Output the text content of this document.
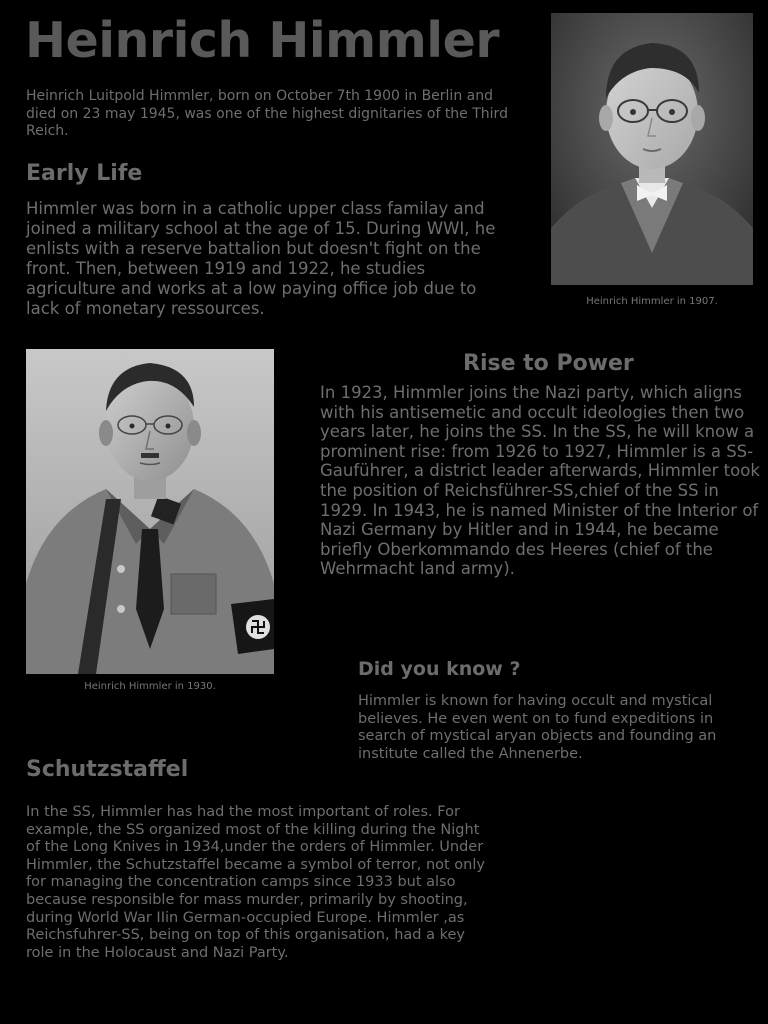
Heinrich Himmler

Heinrich Luitpold Himmler, born on October 7th 1900 in Berlin and died on 23 may 1945, was one of the highest dignitaries of the Third Reich.

Early Life

Himmler was born in a catholic upper class familay and joined a military school at the age of 15. During WWI, he enlists with a reserve battalion but doesn't fight on the front. Then, between 1919 and 1922, he studies agriculture and works at a low paying office job due to lack of monetary ressources.	Heinrich Himmler in 1907.
Heinrich Himmler in 1930.
Rise to Power

In 1923, Himmler joins the Nazi party, which aligns with his antisemetic and occult ideologies then two years later, he joins the SS. In the SS, he will know a prominent rise: from 1926 to 1927, Himmler is a SS-Gauführer, a district leader afterwards, Himmler took the position of Reichsführer-SS,chief of the SS in 1929. In 1943, he is named Minister of the Interior of Nazi Germany by Hitler and in 1944, he became briefly Oberkommando des Heeres (chief of the Wehrmacht land army).

Did you know ?

Himmler is known for having occult and mystical believes. He even went on to fund expeditions in search of mystical aryan objects and founding an institute called the Ahnenerbe.

Schutzstaffel

In the SS, Himmler has had the most important of roles. For example, the SS organized most of the killing during the Night of the Long Knives in 1934,under the orders of Himmler. Under Himmler, the Schutzstaffel became a symbol of terror, not only for managing the concentration camps since 1933 but also because responsible for mass murder, primarily by shooting, during World War IIin German-occupied Europe. Himmler ,as Reichsfuhrer-SS, being on top of this organisation, had a key role in the Holocaust and Nazi Party.
